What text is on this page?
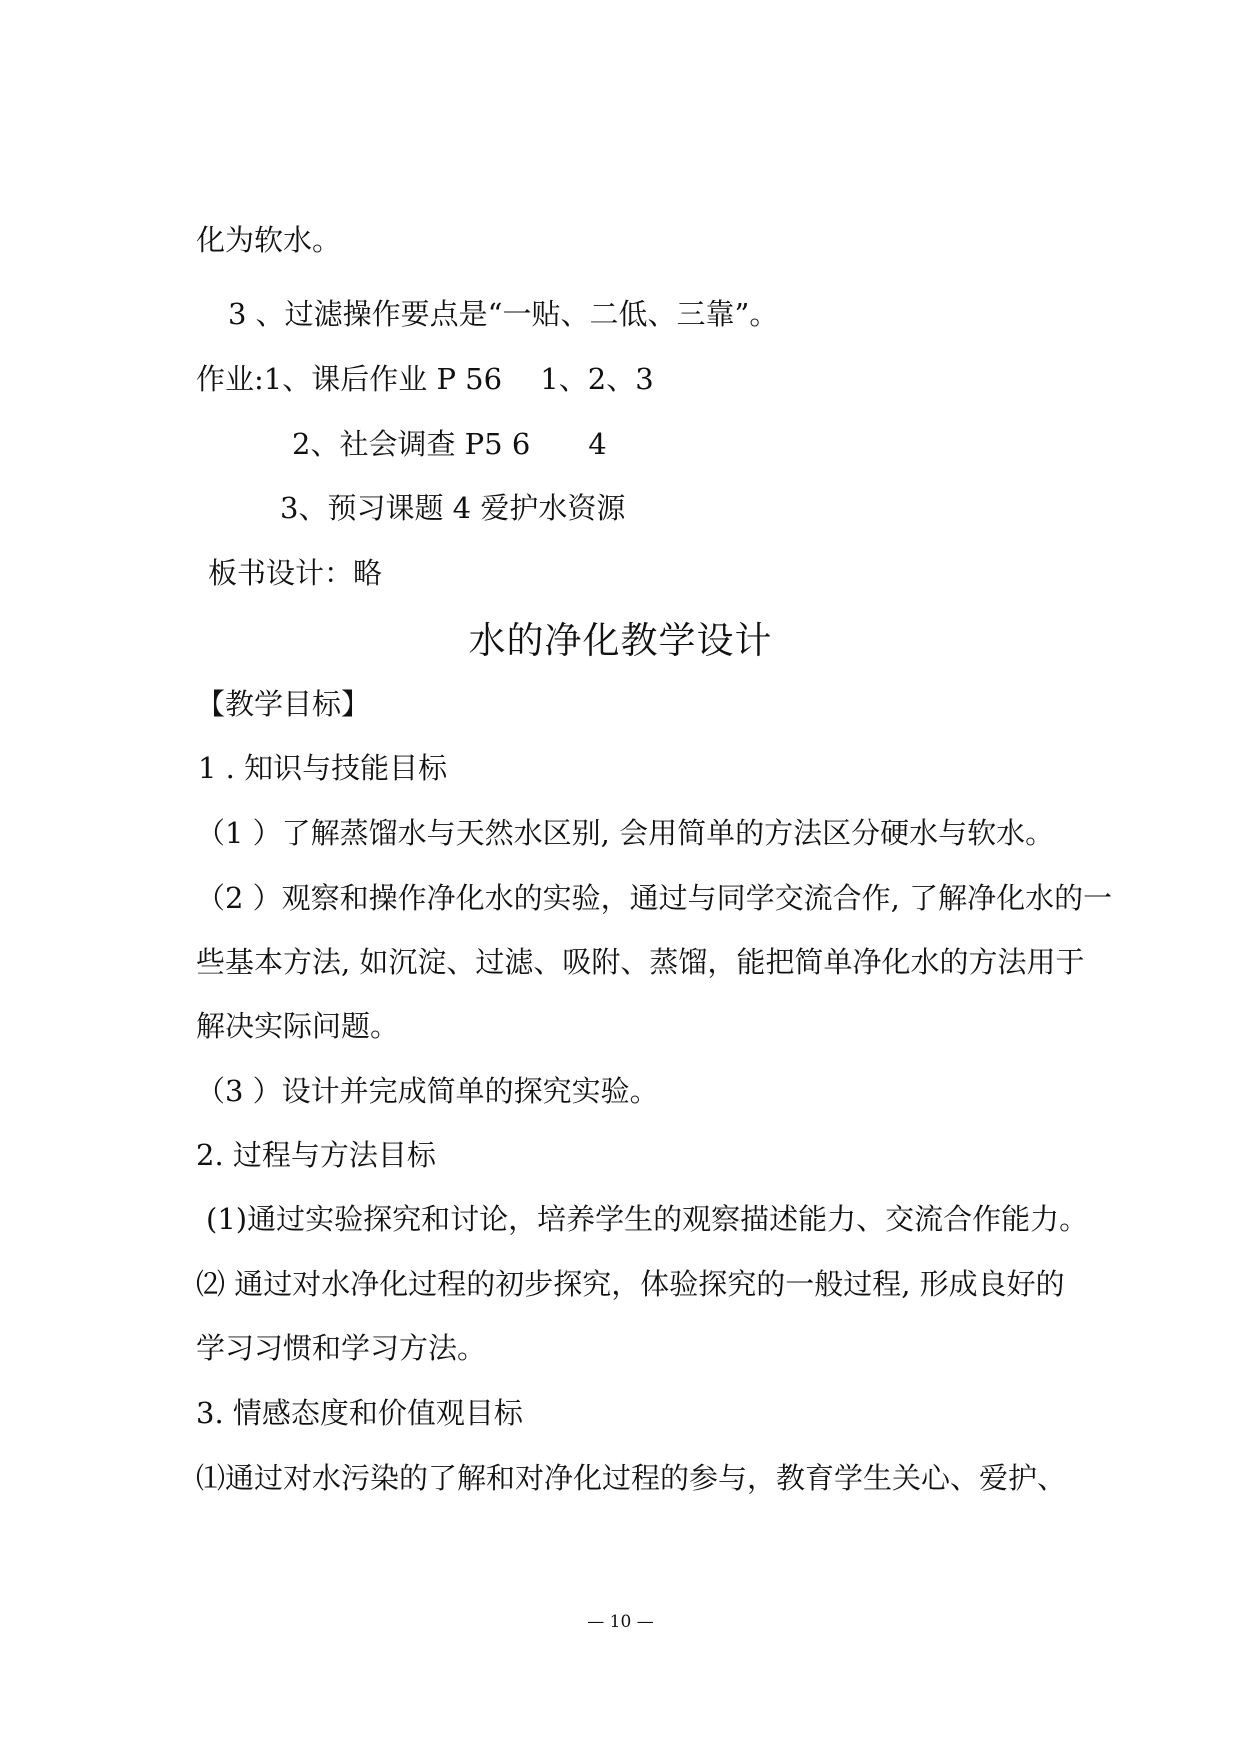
化为软水。
3 、过滤操作要点是“一贴、二低、三靠”。
作业:1、课后作业 P 56　 1、2、3
2、社会调查 P5 6　　4
3、预习课题 4 爱护水资源
板书设计：略
水的净化教学设计
【教学目标】
1 . 知识与技能目标
（1 ）了解蒸馏水与天然水区别, 会用简单的方法区分硬水与软水。
（2 ）观察和操作净化水的实验，通过与同学交流合作, 了解净化水的一
些基本方法, 如沉淀、过滤、吸附、蒸馏，能把简单净化水的方法用于
解决实际问题。
（3 ）设计并完成简单的探究实验。
2. 过程与方法目标
(1)通过实验探究和讨论，培养学生的观察描述能力、交流合作能力。
⑵ 通过对水净化过程的初步探究，体验探究的一般过程, 形成良好的
学习习惯和学习方法。
3. 情感态度和价值观目标
⑴通过对水污染的了解和对净化过程的参与，教育学生关心、爱护、
— 10 —
